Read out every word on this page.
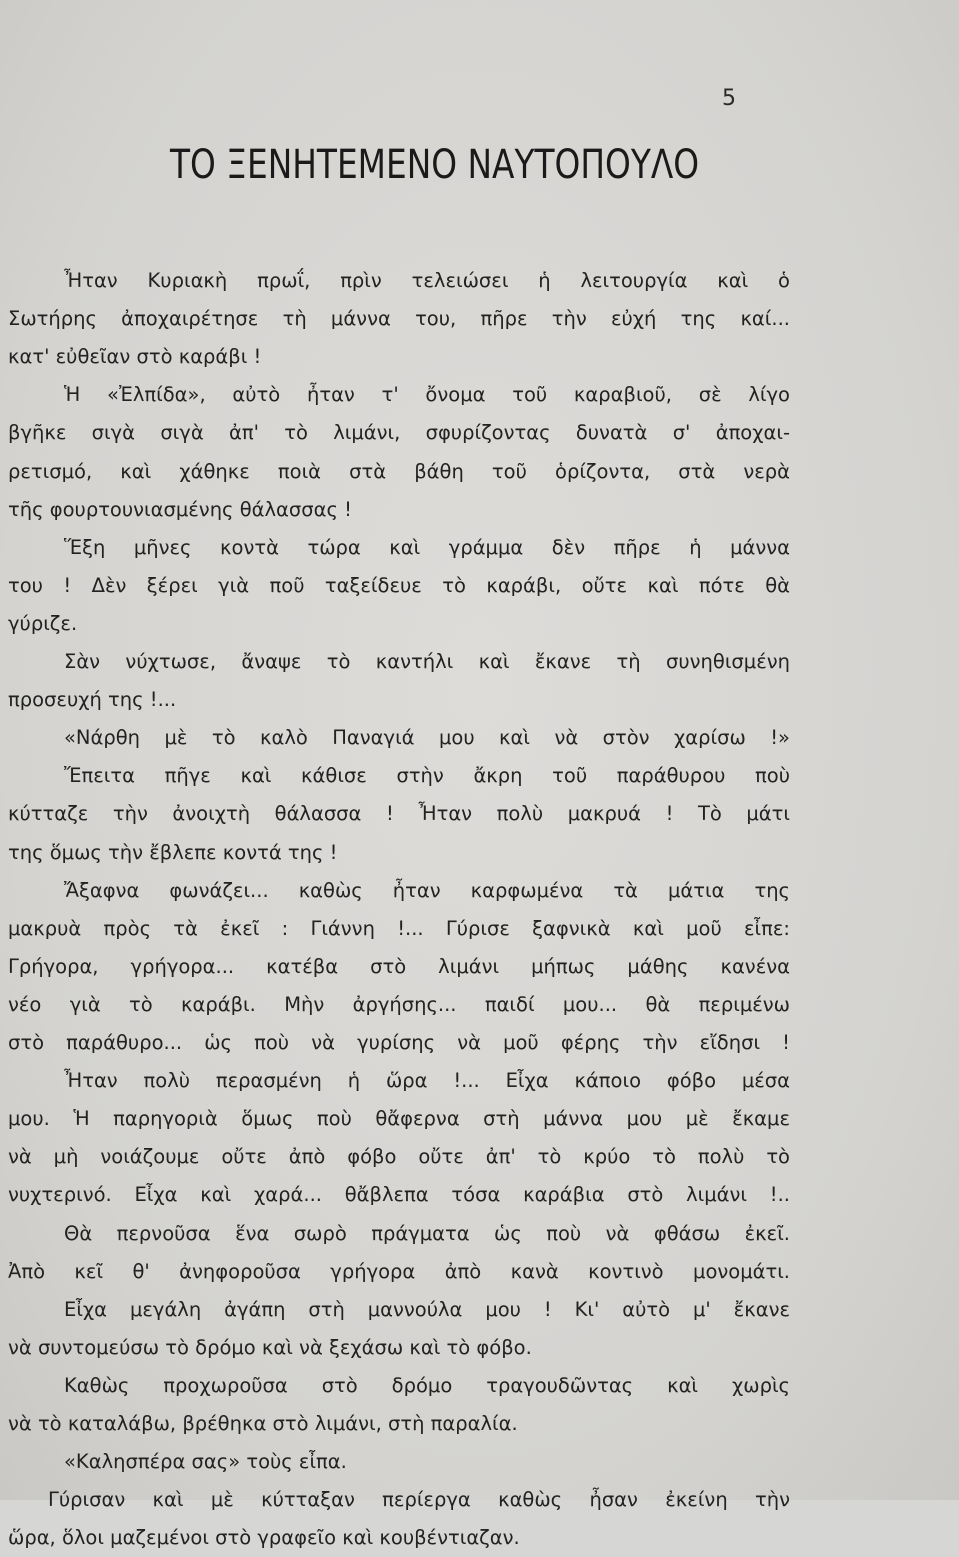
5
ΤΟ ΞΕΝΗΤΕΜΕΝΟ ΝΑΥΤΟΠΟΥΛΟ
Ἦταν Κυριακὴ πρωΐ, πρὶν τελειώσει ἡ λειτουργία καὶ ὁ
Σωτήρης ἀποχαιρέτησε τὴ μάννα του, πῆρε τὴν εὐχή της καί...
κατ' εὐθεῖαν στὸ καράβι !
Ἡ «Ἐλπίδα», αὐτὸ ἦταν τ' ὄνομα τοῦ καραβιοῦ, σὲ λίγο
βγῆκε σιγὰ σιγὰ ἀπ' τὸ λιμάνι, σφυρίζοντας δυνατὰ σ' ἀποχαι-
ρετισμό, καὶ χάθηκε ποιὰ στὰ βάθη τοῦ ὁρίζοντα, στὰ νερὰ
τῆς φουρτουνιασμένης θάλασσας !
Ἕξη μῆνες κοντὰ τώρα καὶ γράμμα δὲν πῆρε ἡ μάννα
του ! Δὲν ξέρει γιὰ ποῦ ταξείδευε τὸ καράβι, οὔτε καὶ πότε θὰ
γύριζε.
Σὰν νύχτωσε, ἄναψε τὸ καντήλι καὶ ἔκανε τὴ συνηθισμένη
προσευχή της !...
«Νάρθη μὲ τὸ καλὸ Παναγιά μου καὶ νὰ στὸν χαρίσω !»
Ἔπειτα πῆγε καὶ κάθισε στὴν ἄκρη τοῦ παράθυρου ποὺ
κύτταζε τὴν ἀνοιχτὴ θάλασσα ! Ἦταν πολὺ μακρυά ! Τὸ μάτι
της ὅμως τὴν ἔβλεπε κοντά της !
Ἄξαφνα φωνάζει... καθὼς ἦταν καρφωμένα τὰ μάτια της
μακρυὰ πρὸς τὰ ἐκεῖ : Γιάννη !... Γύρισε ξαφνικὰ καὶ μοῦ εἶπε:
Γρήγορα, γρήγορα... κατέβα στὸ λιμάνι μήπως μάθης κανένα
νέο γιὰ τὸ καράβι. Μὴν ἀργήσης... παιδί μου... θὰ περιμένω
στὸ παράθυρο... ὡς ποὺ νὰ γυρίσης νὰ μοῦ φέρης τὴν εἴδησι !
Ἦταν πολὺ περασμένη ἡ ὥρα !... Εἶχα κάποιο φόβο μέσα
μου. Ἡ παρηγοριὰ ὅμως ποὺ θἄφερνα στὴ μάννα μου μὲ ἔκαμε
νὰ μὴ νοιάζουμε οὔτε ἀπὸ φόβο οὔτε ἀπ' τὸ κρύο τὸ πολὺ τὸ
νυχτερινό. Εἶχα καὶ χαρά... θἄβλεπα τόσα καράβια στὸ λιμάνι !..
Θὰ περνοῦσα ἕνα σωρὸ πράγματα ὡς ποὺ νὰ φθάσω ἐκεῖ.
Ἀπὸ κεῖ θ' ἀνηφοροῦσα γρήγορα ἀπὸ κανὰ κοντινὸ μονομάτι.
Εἶχα μεγάλη ἀγάπη στὴ μαννούλα μου ! Κι' αὐτὸ μ' ἔκανε
νὰ συντομεύσω τὸ δρόμο καὶ νὰ ξεχάσω καὶ τὸ φόβο.
Καθὼς προχωροῦσα στὸ δρόμο τραγουδῶντας καὶ χωρὶς
νὰ τὸ καταλάβω, βρέθηκα στὸ λιμάνι, στὴ παραλία.
«Καλησπέρα σας» τοὺς εἶπα.
Γύρισαν καὶ μὲ κύτταξαν περίεργα καθὼς ἦσαν ἐκείνη τὴν
ὥρα, ὅλοι μαζεμένοι στὸ γραφεῖο καὶ κουβέντιαζαν.
